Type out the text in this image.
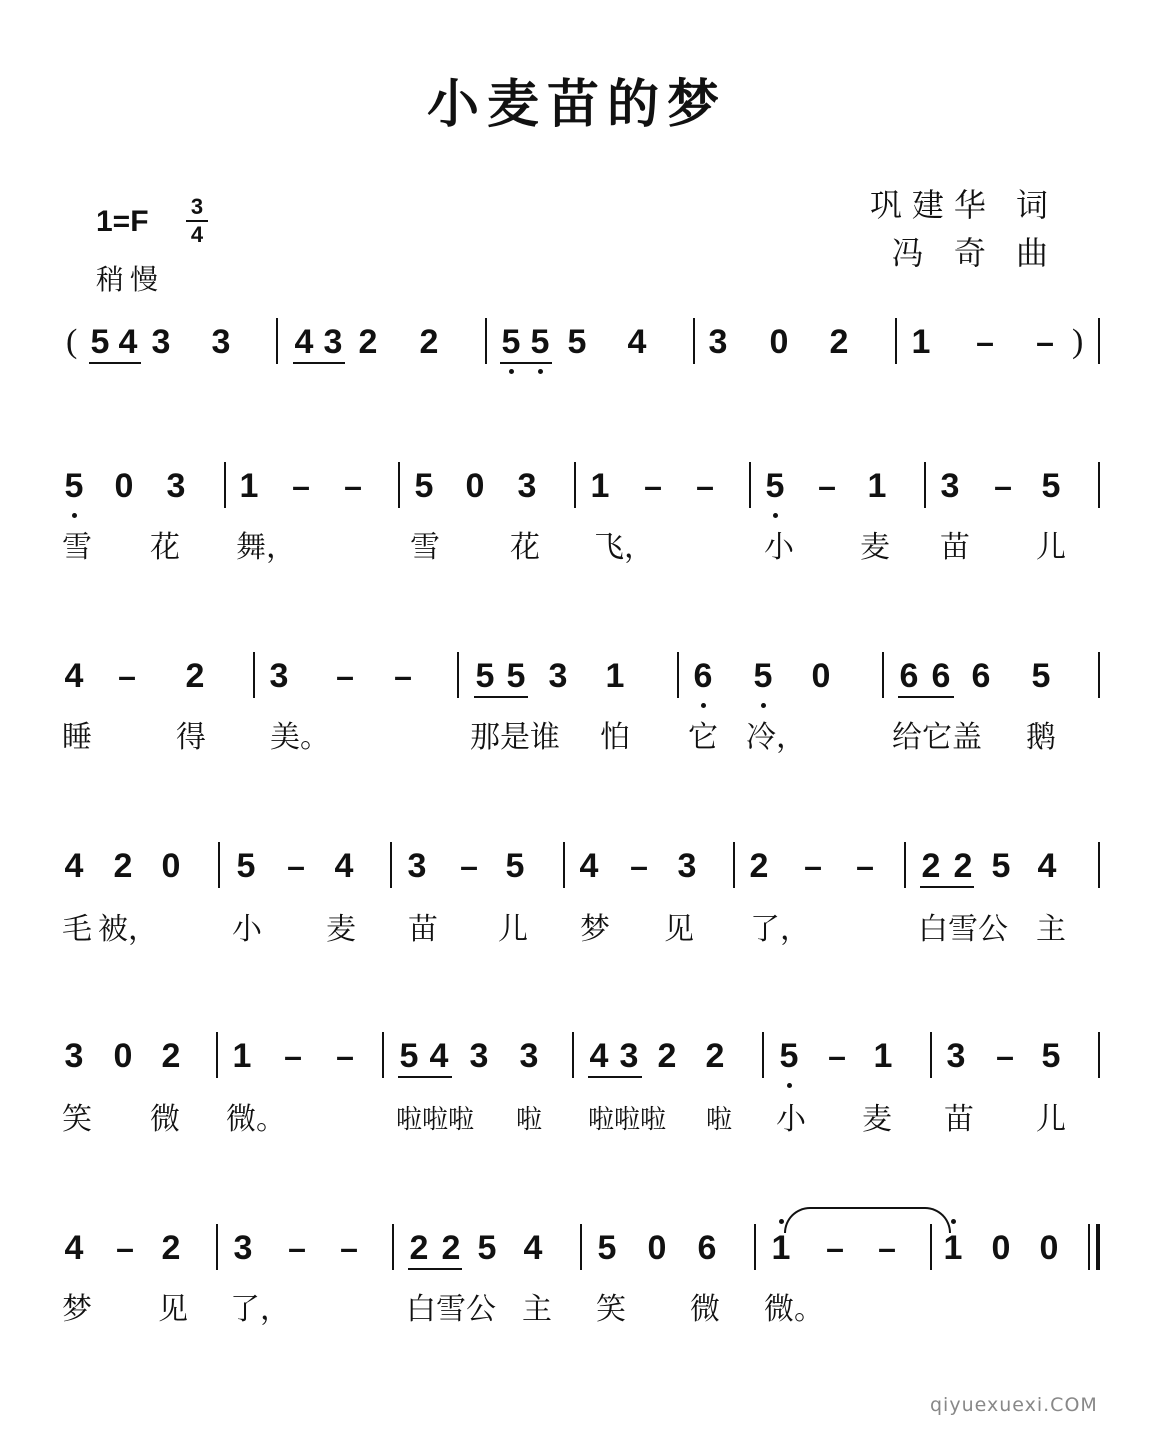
小麦苗的梦
1=F 3
4
稍慢
巩建华 词
冯 奇 曲
( 5 4 3 3 4 3 2 2 5 5 5 4 3 0 2 1 – – )
5 0 3 1 – – 5 0 3 1 – – 5 – 1 3 – 5
雪 花 舞，	雪 花 飞，	小 麦 苗 儿
4 – 2 3 – – 5 5 3 1 6 5 0 6 6 6 5
睡	得 美。	那是谁 怕 它 冷，	给它盖 鹅
4 2 0 5 – 4 3 – 5 4 – 3 2 – – 2 2 5 4
毛 被， 小 麦 苗 儿 梦 见 了，	白雪公 主
3 0 2 1 – – 5 4 3 3 4 3 2 2 5 – 1 3 – 5
笑 微 微。	啦啦啦 啦 啦啦啦 啦 小 麦 苗 儿
4 – 2 3 – – 2 2 5 4 5 0 6 1 – – 1 0 0
梦 见 了，	白雪公 主 笑 微 微。
qiyuexuexi.COM
